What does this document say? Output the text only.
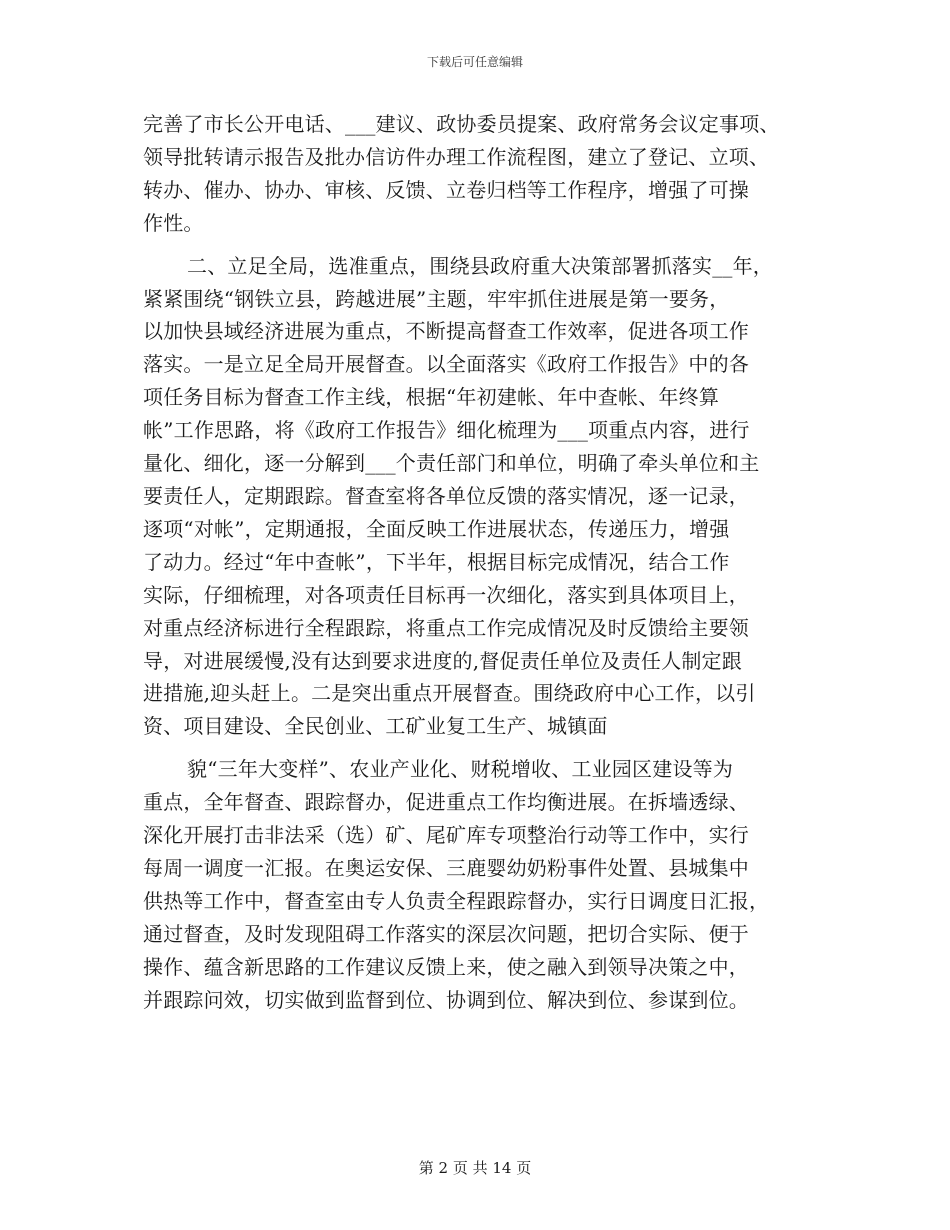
下载后可任意编辑
完善了市长公开电话、___建议、政协委员提案、政府常务会议定事项、
领导批转请示报告及批办信访件办理工作流程图，建立了登记、立项、
转办、催办、协办、审核、反馈、立卷归档等工作程序，增强了可操
作性。
二、立足全局，选准重点，围绕县政府重大决策部署抓落实__年，
紧紧围绕“钢铁立县，跨越进展”主题，牢牢抓住进展是第一要务，
以加快县域经济进展为重点，不断提高督查工作效率，促进各项工作
落实。一是立足全局开展督查。以全面落实《政府工作报告》中的各
项任务目标为督查工作主线，根据“年初建帐、年中查帐、年终算
帐”工作思路，将《政府工作报告》细化梳理为___项重点内容，进行
量化、细化，逐一分解到___个责任部门和单位，明确了牵头单位和主
要责任人，定期跟踪。督查室将各单位反馈的落实情况，逐一记录，
逐项“对帐”，定期通报，全面反映工作进展状态，传递压力，增强
了动力。经过“年中查帐”，下半年，根据目标完成情况，结合工作
实际，仔细梳理，对各项责任目标再一次细化，落实到具体项目上，
对重点经济标进行全程跟踪，将重点工作完成情况及时反馈给主要领
导，对进展缓慢,没有达到要求进度的,督促责任单位及责任人制定跟
进措施,迎头赶上。二是突出重点开展督查。围绕政府中心工作，以引
资、项目建设、全民创业、工矿业复工生产、城镇面
貌“三年大变样”、农业产业化、财税增收、工业园区建设等为
重点，全年督查、跟踪督办，促进重点工作均衡进展。在拆墙透绿、
深化开展打击非法采（选）矿、尾矿库专项整治行动等工作中，实行
每周一调度一汇报。在奥运安保、三鹿婴幼奶粉事件处置、县城集中
供热等工作中，督查室由专人负责全程跟踪督办，实行日调度日汇报，
通过督查，及时发现阻碍工作落实的深层次问题，把切合实际、便于
操作、蕴含新思路的工作建议反馈上来，使之融入到领导决策之中，
并跟踪问效，切实做到监督到位、协调到位、解决到位、参谋到位。
第 2 页 共 14 页
